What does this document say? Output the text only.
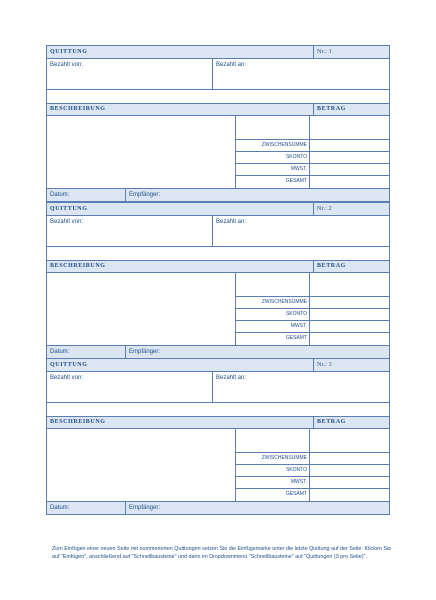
QUITTUNG	Nr.: 1
Bezahlt von:	Bezahlt an:
BESCHREIBUNG	BETRAG
ZWISCHENSUMME
SKONTO
MWST.
GESAMT
Datum:	Empfänger:
QUITTUNG	Nr.: 2
Bezahlt von:	Bezahlt an:
BESCHREIBUNG	BETRAG
ZWISCHENSUMME
SKONTO
MWST.
GESAMT
Datum:	Empfänger:
QUITTUNG	Nr.: 3
Bezahlt von:	Bezahlt an:
BESCHREIBUNG	BETRAG
ZWISCHENSUMME
SKONTO
MWST.
GESAMT
Datum:	Empfänger:
Zum Einfügen einer neuen Seite mit nummerierten Quittungen setzen Sie die Einfügemarke unter die letzte Quittung auf der Seite. Klicken Sie auf "Einfügen", anschließend auf "Schnellbausteine" und dann im Dropdownmenü "Schnellbausteine" auf "Quittungen (3 pro Seite)".
